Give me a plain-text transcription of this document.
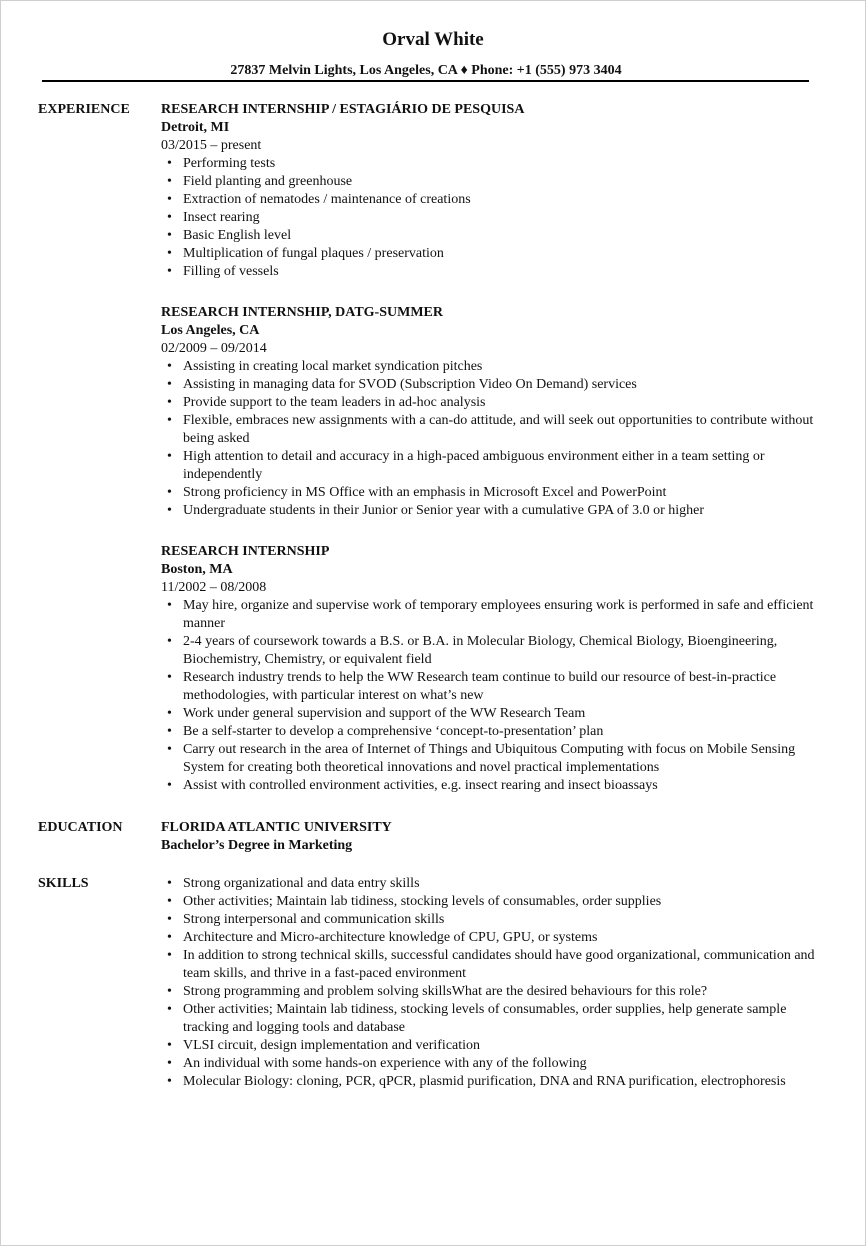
Orval White
27837 Melvin Lights, Los Angeles, CA ♦ Phone: +1 (555) 973 3404
EXPERIENCE RESEARCH INTERNSHIP / ESTAGIÁRIO DE PESQUISA
Detroit, MI
03/2015 – present
• Performing tests
• Field planting and greenhouse
• Extraction of nematodes / maintenance of creations
• Insect rearing
• Basic English level
• Multiplication of fungal plaques / preservation
• Filling of vessels
RESEARCH INTERNSHIP, DATG-SUMMER
Los Angeles, CA
02/2009 – 09/2014
• Assisting in creating local market syndication pitches
• Assisting in managing data for SVOD (Subscription Video On Demand) services
• Provide support to the team leaders in ad-hoc analysis
• Flexible, embraces new assignments with a can-do attitude, and will seek out opportunities to contribute without being asked
• High attention to detail and accuracy in a high-paced ambiguous environment either in a team setting or independently
• Strong proficiency in MS Office with an emphasis in Microsoft Excel and PowerPoint
• Undergraduate students in their Junior or Senior year with a cumulative GPA of 3.0 or higher
RESEARCH INTERNSHIP
Boston, MA
11/2002 – 08/2008
• May hire, organize and supervise work of temporary employees ensuring work is performed in safe and efficient manner
• 2-4 years of coursework towards a B.S. or B.A. in Molecular Biology, Chemical Biology, Bioengineering, Biochemistry, Chemistry, or equivalent field
• Research industry trends to help the WW Research team continue to build our resource of best-in-practice methodologies, with particular interest on what’s new
• Work under general supervision and support of the WW Research Team
• Be a self-starter to develop a comprehensive ‘concept-to-presentation’ plan
• Carry out research in the area of Internet of Things and Ubiquitous Computing with focus on Mobile Sensing System for creating both theoretical innovations and novel practical implementations
• Assist with controlled environment activities, e.g. insect rearing and insect bioassays
EDUCATION	FLORIDA ATLANTIC UNIVERSITY
Bachelor’s Degree in Marketing
SKILLS
•	Strong organizational and data entry skills
• Other activities; Maintain lab tidiness, stocking levels of consumables, order supplies
• Strong interpersonal and communication skills
• Architecture and Micro-architecture knowledge of CPU, GPU, or systems
• In addition to strong technical skills, successful candidates should have good organizational, communication and team skills, and thrive in a fast-paced environment
• Strong programming and problem solving skillsWhat are the desired behaviours for this role?
• Other activities; Maintain lab tidiness, stocking levels of consumables, order supplies, help generate sample tracking and logging tools and database
• VLSI circuit, design implementation and verification
• An individual with some hands-on experience with any of the following
• Molecular Biology: cloning, PCR, qPCR, plasmid purification, DNA and RNA purification, electrophoresis
